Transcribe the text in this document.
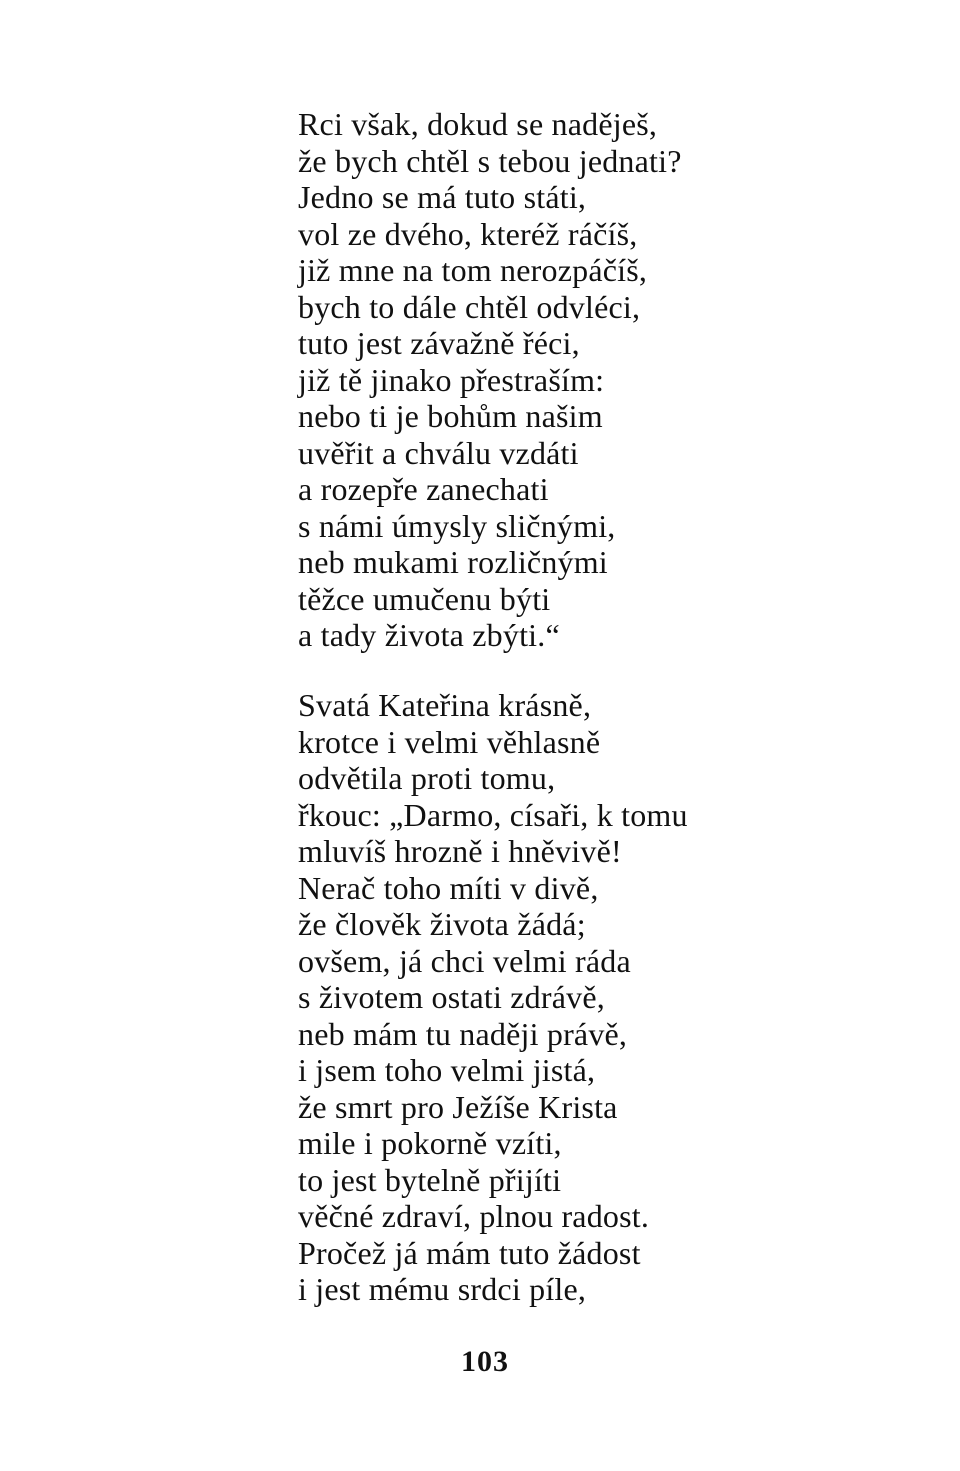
Rci však, dokud se naděješ,
že bych chtěl s tebou jednati?
Jedno se má tuto státi,
vol ze dvého, kteréž ráčíš,
již mne na tom nerozpáčíš,
bych to dále chtěl odvléci,
tuto jest závažně řéci,
již tě jinako přestraším:
nebo ti je bohům našim
uvěřit a chválu vzdáti
a rozepře zanechati
s námi úmysly sličnými,
neb mukami rozličnými
těžce umučenu býti
a tady života zbýti.“
Svatá Kateřina krásně,
krotce i velmi věhlasně
odvětila proti tomu,
řkouc: „Darmo, císaři, k tomu
mluvíš hrozně i hněvivě!
Nerač toho míti v divě,
že člověk života žádá;
ovšem, já chci velmi ráda
s životem ostati zdrávě,
neb mám tu naději právě,
i jsem toho velmi jistá,
že smrt pro Ježíše Krista
mile i pokorně vzíti,
to jest bytelně přijíti
věčné zdraví, plnou radost.
Pročež já mám tuto žádost
i jest mému srdci píle,
103
